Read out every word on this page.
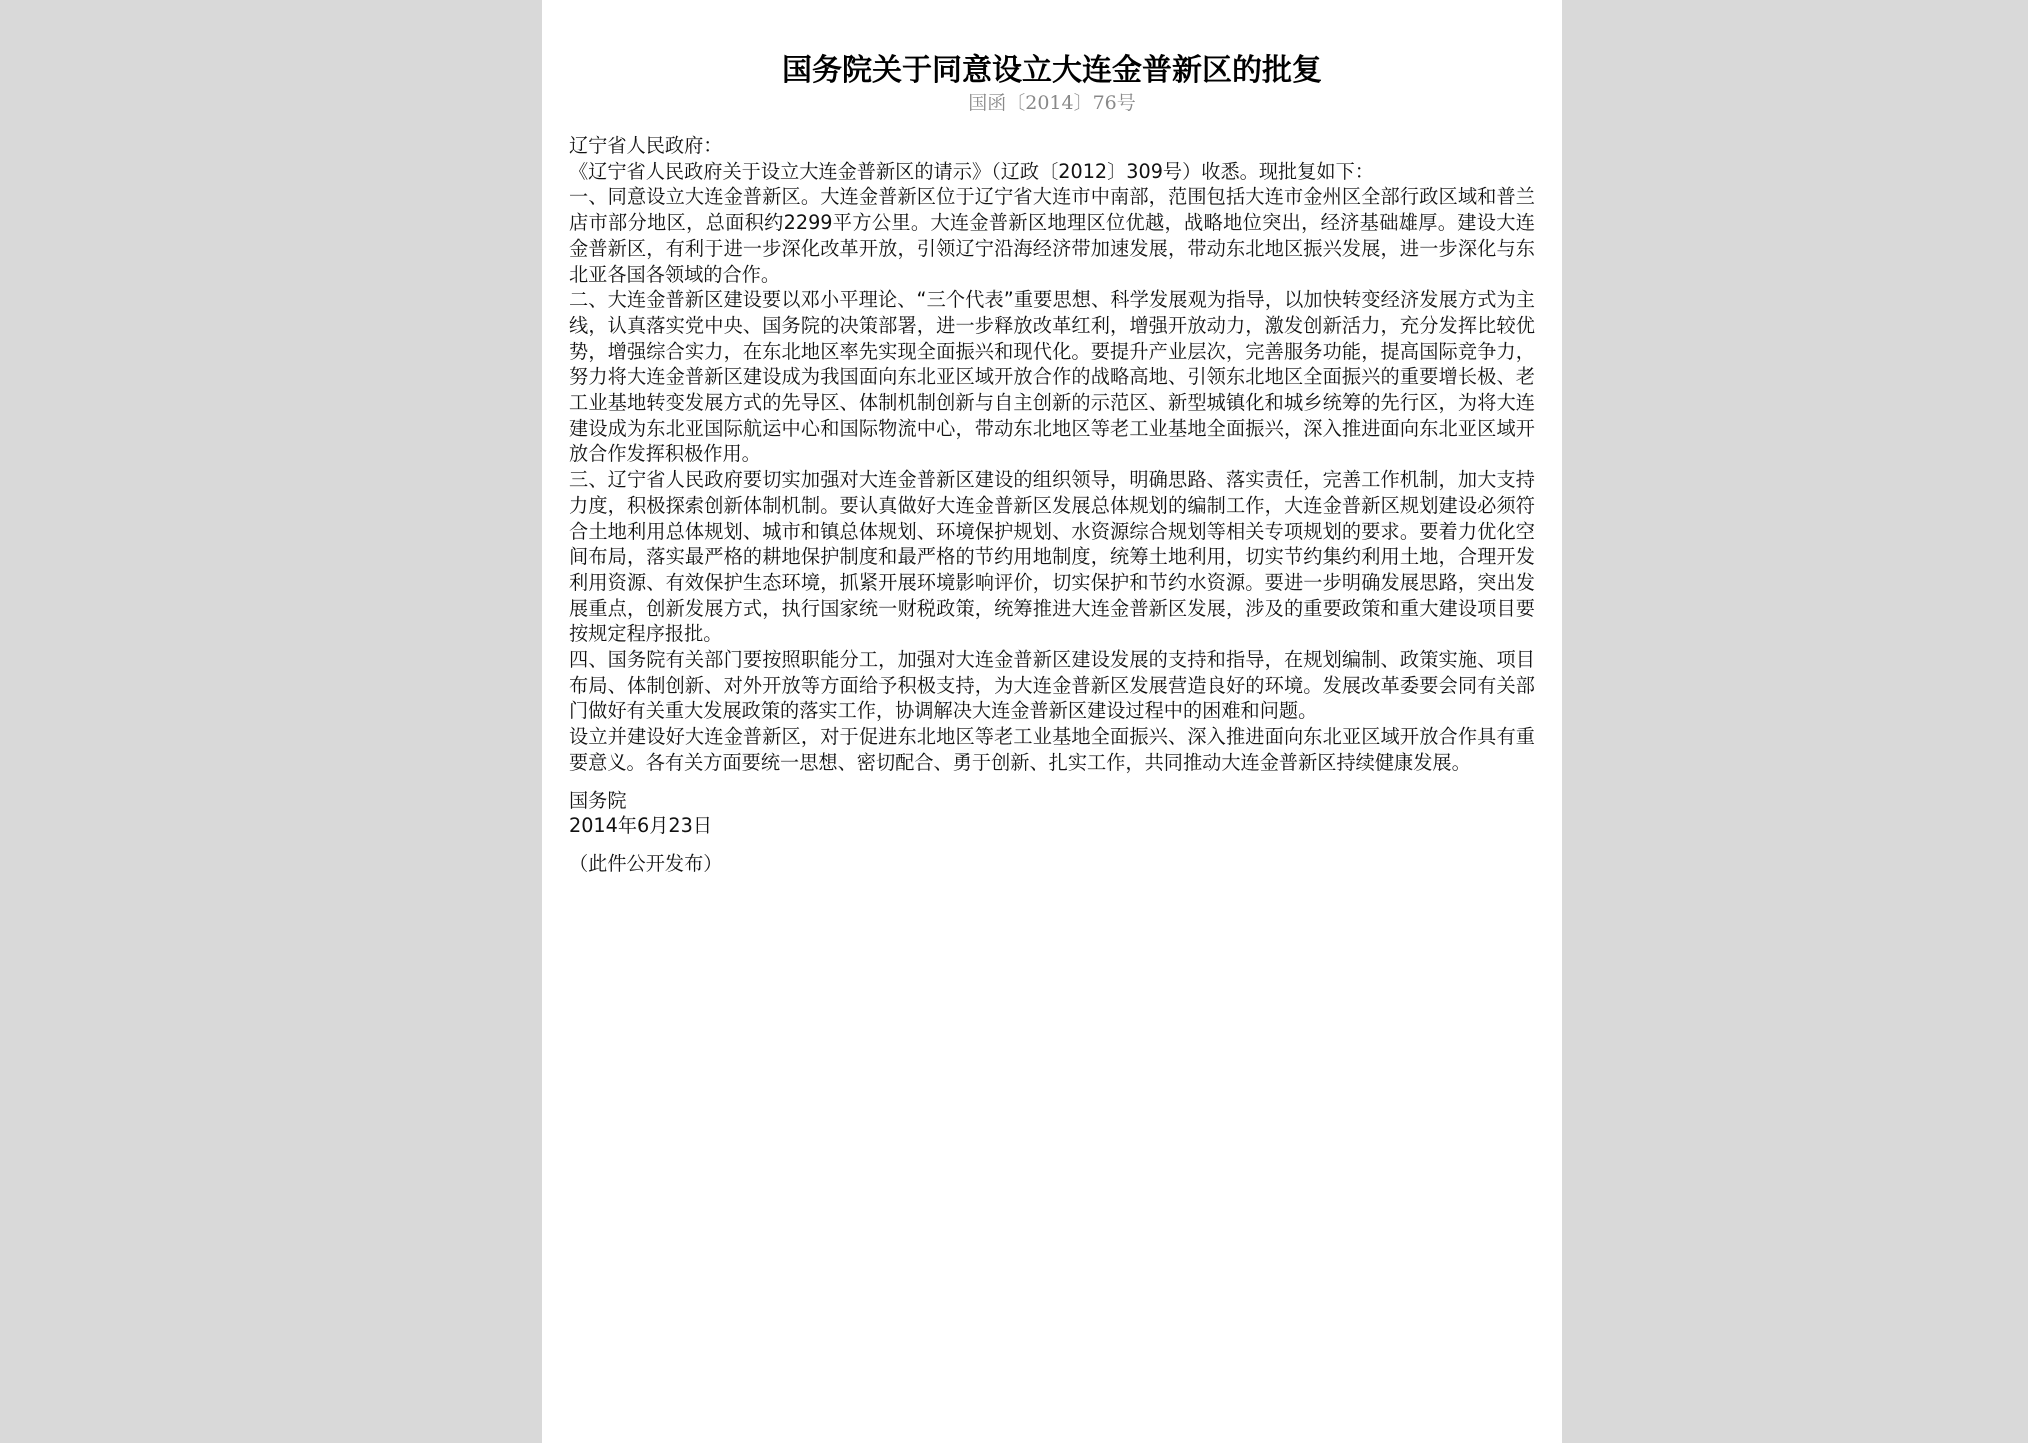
国务院关于同意设立大连金普新区的批复
国函〔2014〕76号

辽宁省人民政府：

《辽宁省人民政府关于设立大连金普新区的请示》（辽政〔2012〕309号）收悉。现批复如下：

一、同意设立大连金普新区。大连金普新区位于辽宁省大连市中南部，范围包括大连市金州区全部行政区域和普兰店市部分地区，总面积约2299平方公里。大连金普新区地理区位优越，战略地位突出，经济基础雄厚。建设大连金普新区，有利于进一步深化改革开放，引领辽宁沿海经济带加速发展，带动东北地区振兴发展，进一步深化与东北亚各国各领域的合作。

二、大连金普新区建设要以邓小平理论、“三个代表”重要思想、科学发展观为指导，以加快转变经济发展方式为主线，认真落实党中央、国务院的决策部署，进一步释放改革红利，增强开放动力，激发创新活力，充分发挥比较优势，增强综合实力，在东北地区率先实现全面振兴和现代化。要提升产业层次，完善服务功能，提高国际竞争力，努力将大连金普新区建设成为我国面向东北亚区域开放合作的战略高地、引领东北地区全面振兴的重要增长极、老工业基地转变发展方式的先导区、体制机制创新与自主创新的示范区、新型城镇化和城乡统筹的先行区，为将大连建设成为东北亚国际航运中心和国际物流中心，带动东北地区等老工业基地全面振兴，深入推进面向东北亚区域开放合作发挥积极作用。

三、辽宁省人民政府要切实加强对大连金普新区建设的组织领导，明确思路、落实责任，完善工作机制，加大支持力度，积极探索创新体制机制。要认真做好大连金普新区发展总体规划的编制工作，大连金普新区规划建设必须符合土地利用总体规划、城市和镇总体规划、环境保护规划、水资源综合规划等相关专项规划的要求。要着力优化空间布局，落实最严格的耕地保护制度和最严格的节约用地制度，统筹土地利用，切实节约集约利用土地，合理开发利用资源、有效保护生态环境，抓紧开展环境影响评价，切实保护和节约水资源。要进一步明确发展思路，突出发展重点，创新发展方式，执行国家统一财税政策，统筹推进大连金普新区发展，涉及的重要政策和重大建设项目要按规定程序报批。

四、国务院有关部门要按照职能分工，加强对大连金普新区建设发展的支持和指导，在规划编制、政策实施、项目布局、体制创新、对外开放等方面给予积极支持，为大连金普新区发展营造良好的环境。发展改革委要会同有关部门做好有关重大发展政策的落实工作，协调解决大连金普新区建设过程中的困难和问题。

设立并建设好大连金普新区，对于促进东北地区等老工业基地全面振兴、深入推进面向东北亚区域开放合作具有重要意义。各有关方面要统一思想、密切配合、勇于创新、扎实工作，共同推动大连金普新区持续健康发展。

国务院

2014年6月23日

（此件公开发布）
